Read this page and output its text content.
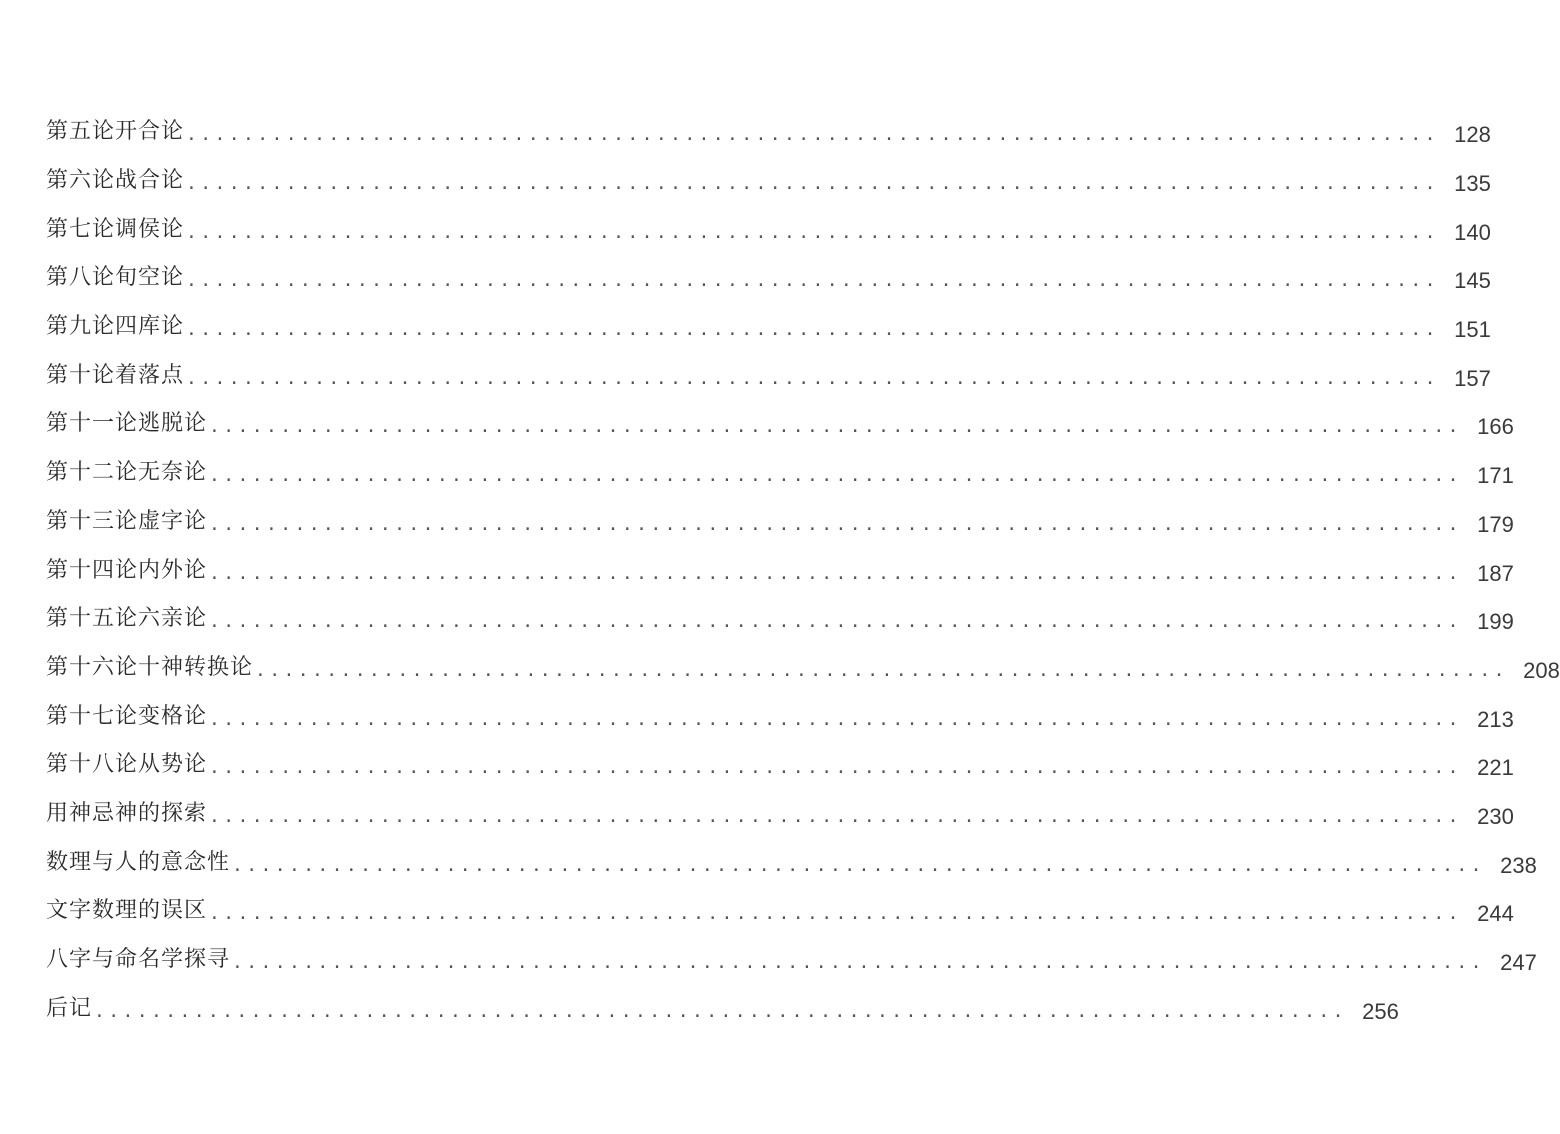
第五论 开合论 ........................................................................................ 128
第六论 战合论 ........................................................................................ 135
第七论 调侯论 ........................................................................................ 140
第八论 旬空论 ........................................................................................ 145
第九论 四库论 ........................................................................................ 151
第十论 着落点 ........................................................................................ 157
第十一论 逃脱论 ........................................................................................ 166
第十二论 无奈论 ........................................................................................ 171
第十三论 虚字论 ........................................................................................ 179
第十四论 内外论 ........................................................................................ 187
第十五论 六亲论 ........................................................................................ 199
第十六论 十神转换论 ........................................................................................ 208
第十七论 变格论 ........................................................................................ 213
第十八论 从势论 ........................................................................................ 221
用神 忌神的探索 ........................................................................................ 230
数理与人的意念性 ........................................................................................ 238
文字数理的误区 ........................................................................................ 244
八字与命名学探寻 ........................................................................................ 247
后 记 ........................................................................................ 256
